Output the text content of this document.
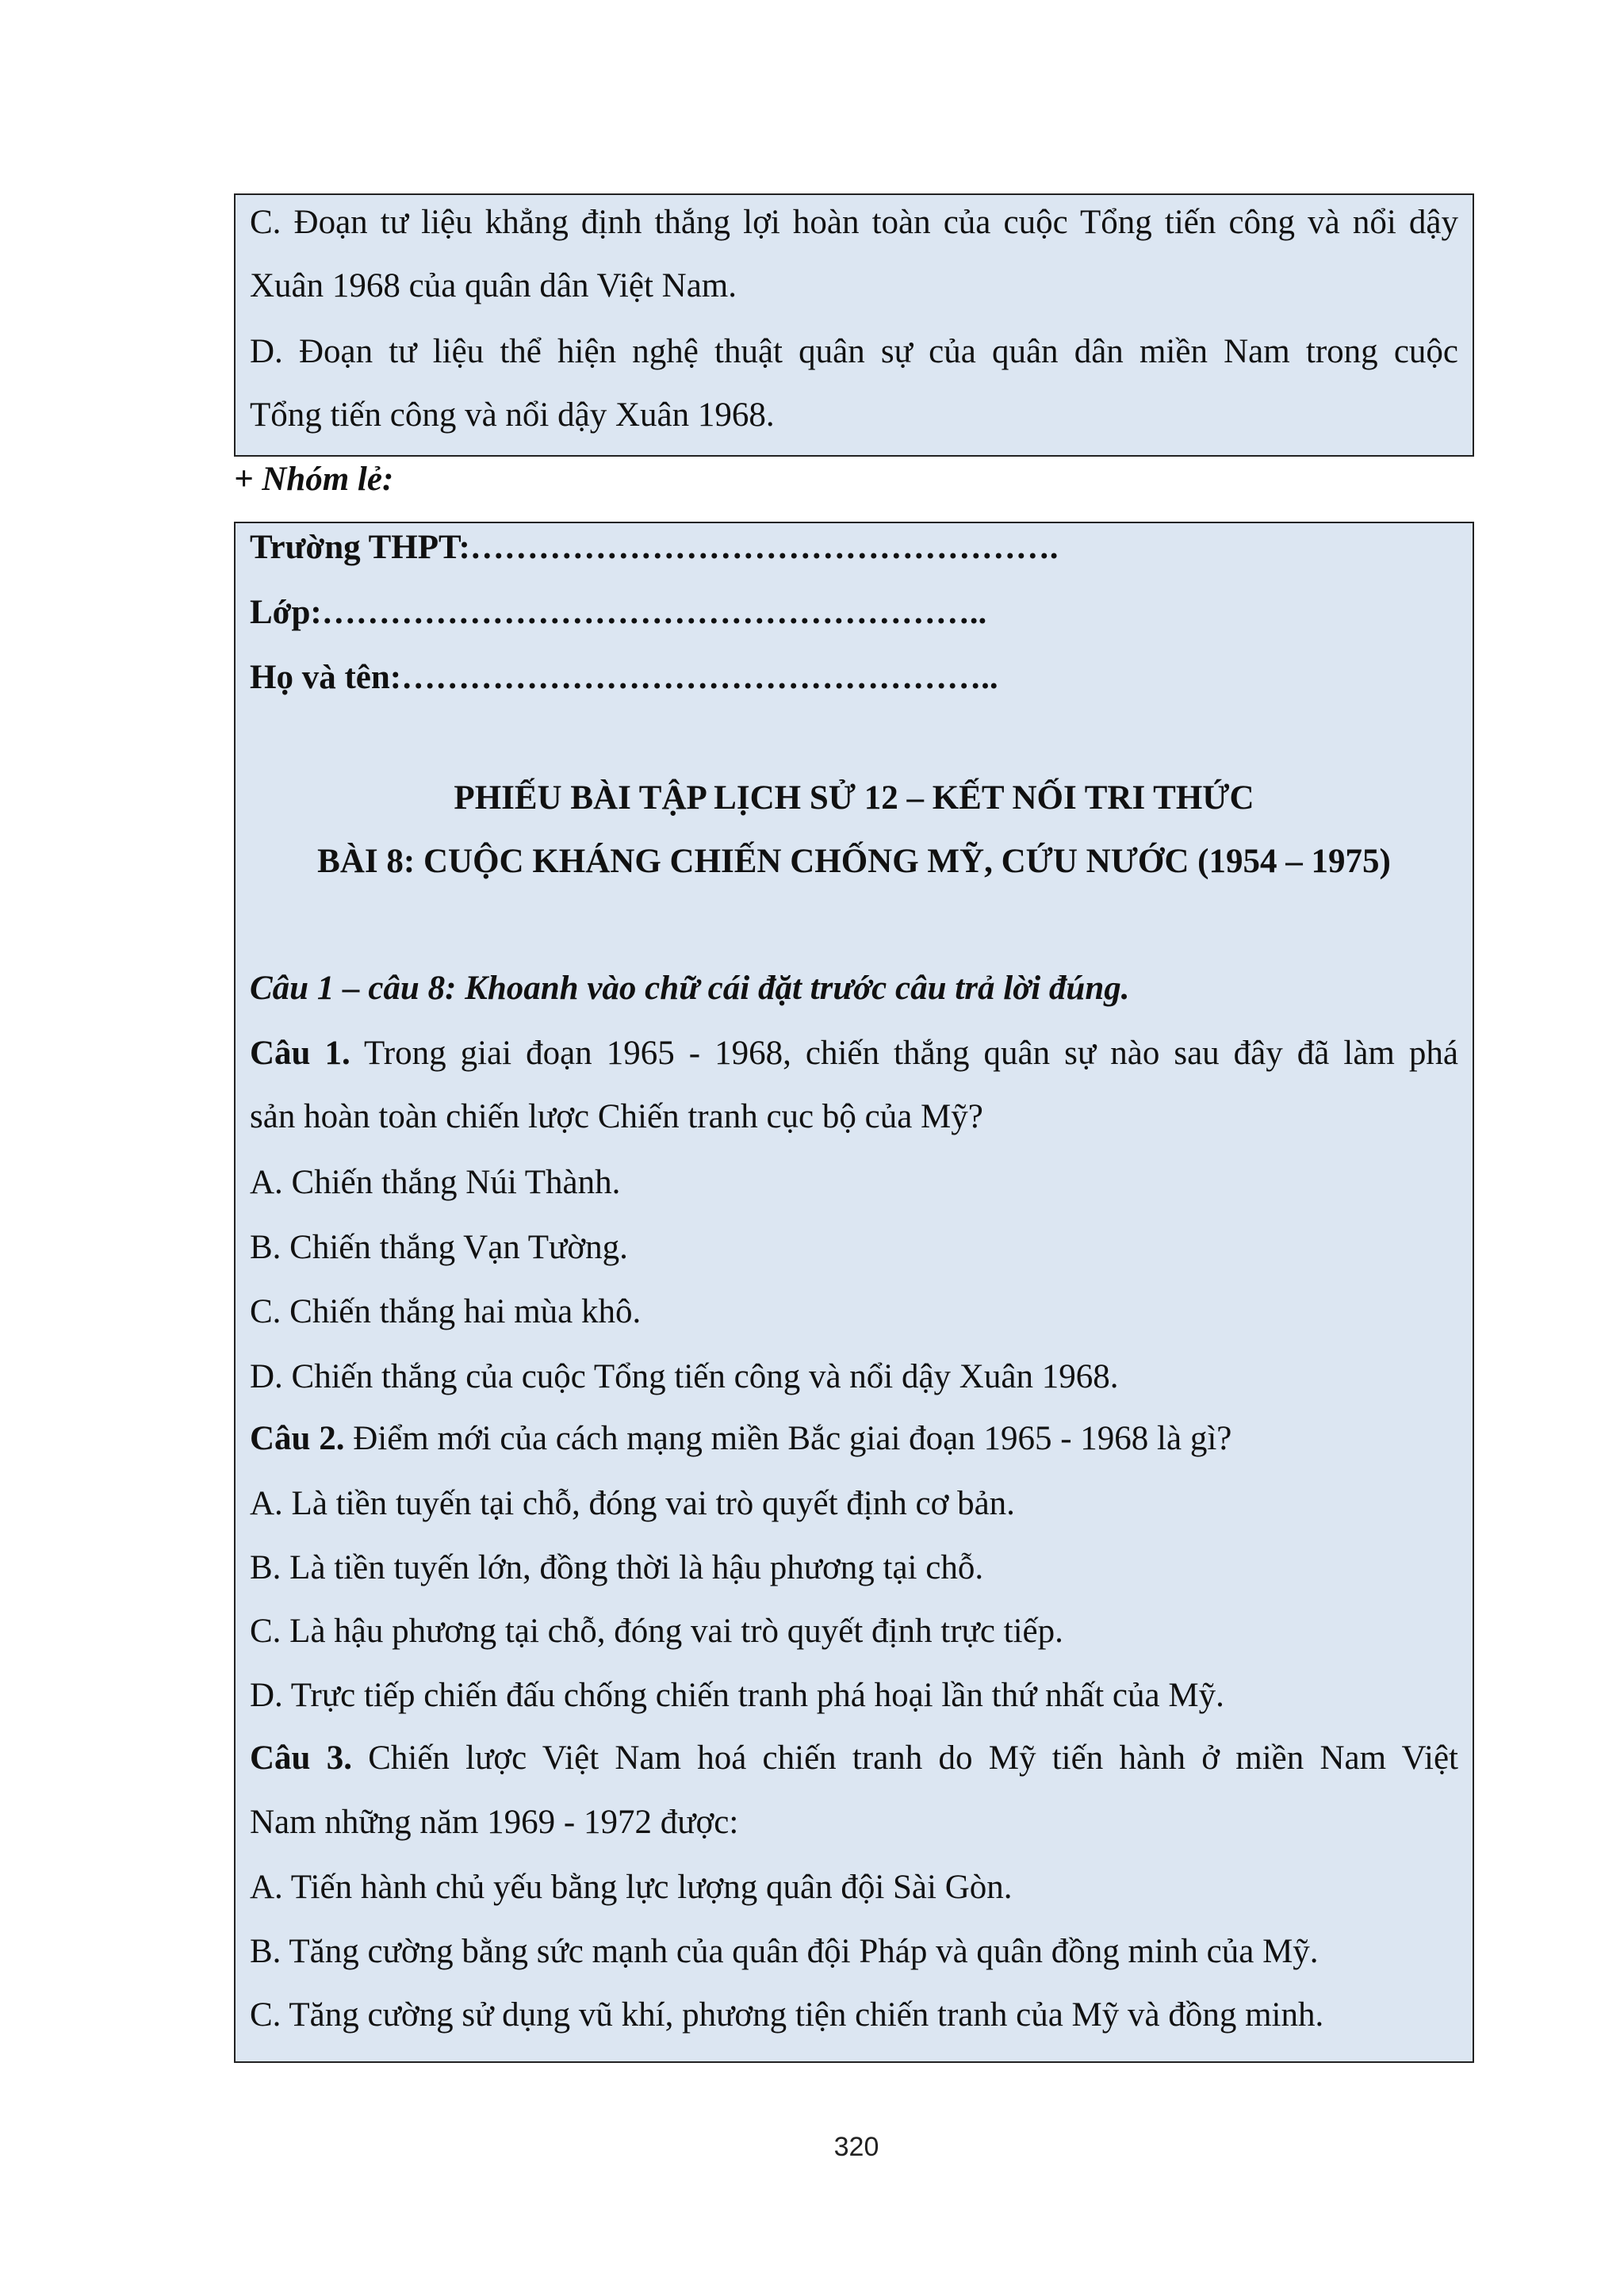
C. Đoạn tư liệu khẳng định thắng lợi hoàn toàn của cuộc Tổng tiến công và nổi dậy
Xuân 1968 của quân dân Việt Nam.
D. Đoạn tư liệu thể hiện nghệ thuật quân sự của quân dân miền Nam trong cuộc
Tổng tiến công và nổi dậy Xuân 1968.
+ Nhóm lẻ:
Trường THPT:…………………………………………….
Lớp:…………………………………………………..
Họ và tên:……………………………………………..
PHIẾU BÀI TẬP LỊCH SỬ 12 – KẾT NỐI TRI THỨC
BÀI 8: CUỘC KHÁNG CHIẾN CHỐNG MỸ, CỨU NƯỚC (1954 – 1975)
Câu 1 – câu 8: Khoanh vào chữ cái đặt trước câu trả lời đúng.
Câu 1. Trong giai đoạn 1965 - 1968, chiến thắng quân sự nào sau đây đã làm phá
sản hoàn toàn chiến lược Chiến tranh cục bộ của Mỹ?
A. Chiến thắng Núi Thành.
B. Chiến thắng Vạn Tường.
C. Chiến thắng hai mùa khô.
D. Chiến thắng của cuộc Tổng tiến công và nổi dậy Xuân 1968.
Câu 2. Điểm mới của cách mạng miền Bắc giai đoạn 1965 - 1968 là gì?
A. Là tiền tuyến tại chỗ, đóng vai trò quyết định cơ bản.
B. Là tiền tuyến lớn, đồng thời là hậu phương tại chỗ.
C. Là hậu phương tại chỗ, đóng vai trò quyết định trực tiếp.
D. Trực tiếp chiến đấu chống chiến tranh phá hoại lần thứ nhất của Mỹ.
Câu 3. Chiến lược Việt Nam hoá chiến tranh do Mỹ tiến hành ở miền Nam Việt
Nam những năm 1969 - 1972 được:
A. Tiến hành chủ yếu bằng lực lượng quân đội Sài Gòn.
B. Tăng cường bằng sức mạnh của quân đội Pháp và quân đồng minh của Mỹ.
C. Tăng cường sử dụng vũ khí, phương tiện chiến tranh của Mỹ và đồng minh.
320
